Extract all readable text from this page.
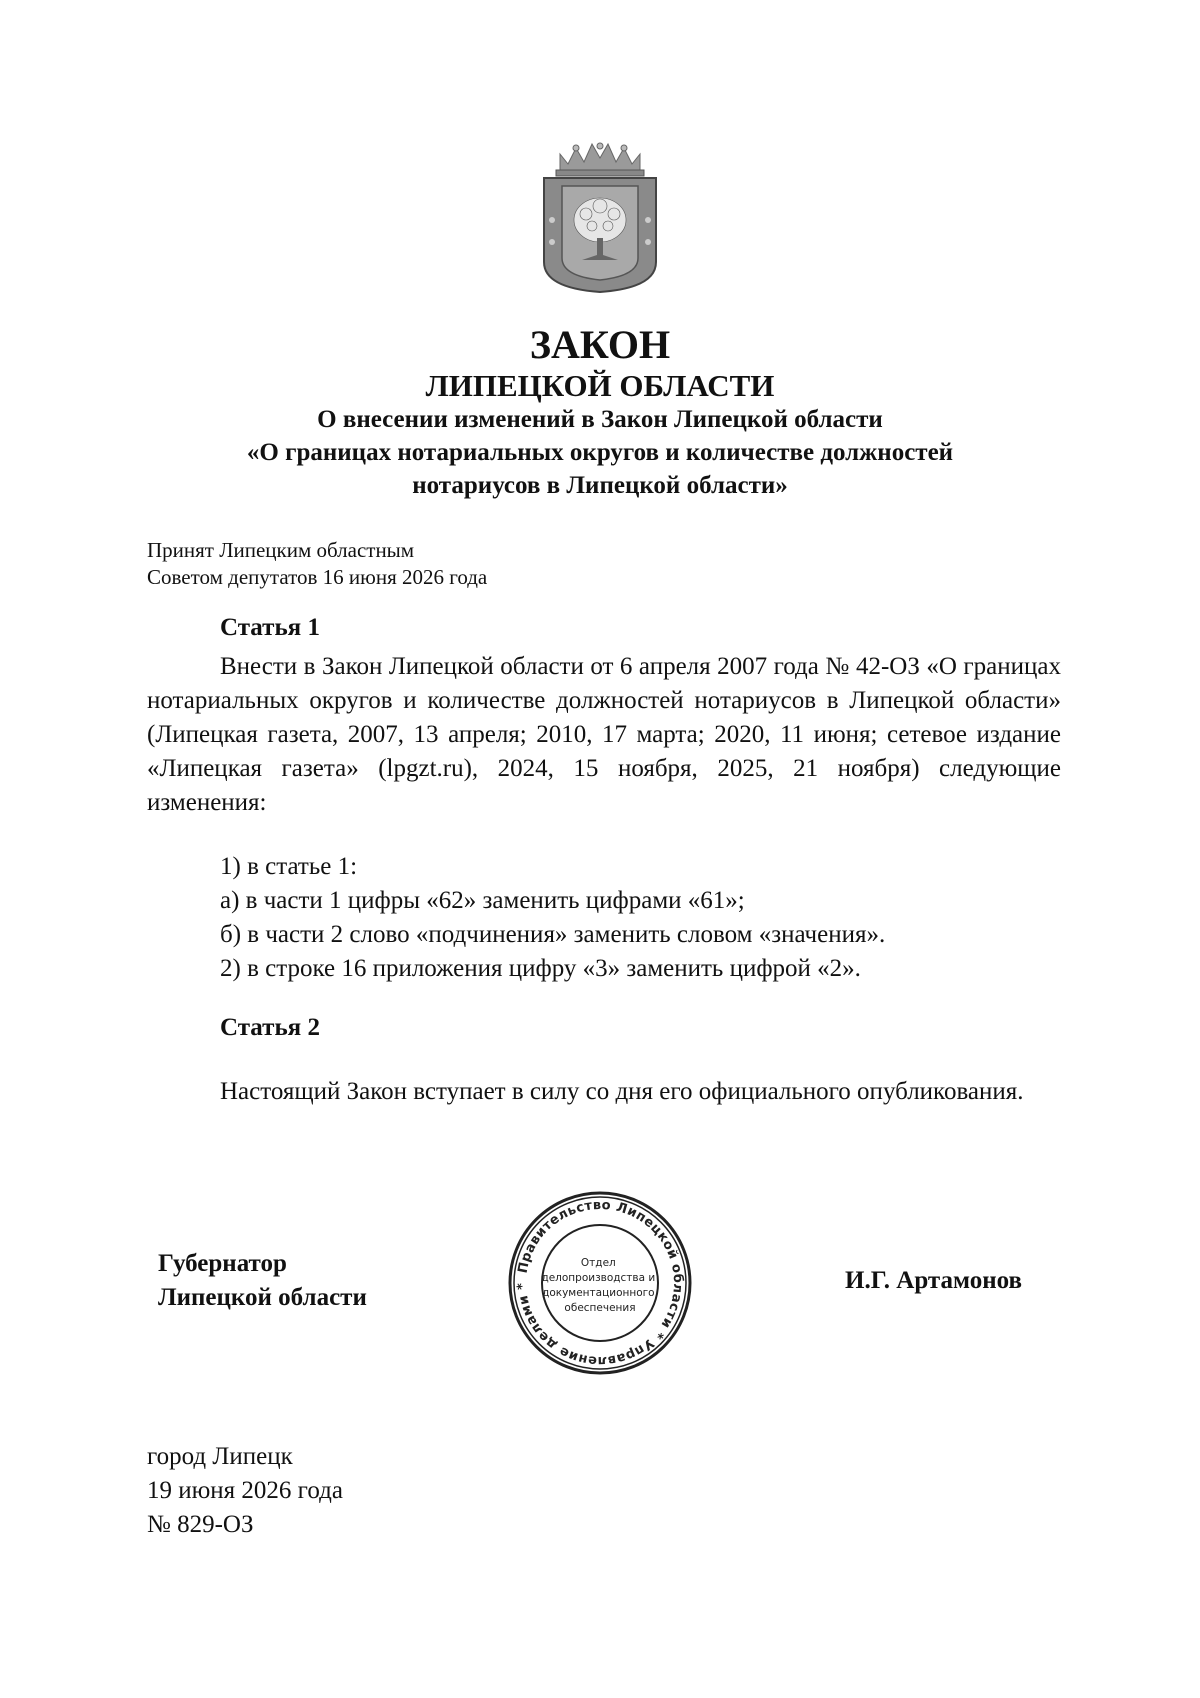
ЗАКОН
ЛИПЕЦКОЙ ОБЛАСТИ
О внесении изменений в Закон Липецкой области
«О границах нотариальных округов и количестве должностей
нотариусов в Липецкой области»
Принят Липецким областным
Советом депутатов 16 июня 2026 года
Статья 1
Внести в Закон Липецкой области от 6 апреля 2007 года № 42-ОЗ «О границах нотариальных округов и количестве должностей нотариусов в Липецкой области» (Липецкая газета, 2007, 13 апреля; 2010, 17 марта; 2020, 11 июня; сетевое издание «Липецкая газета» (lpgzt.ru), 2024, 15 ноября, 2025, 21 ноября) следующие изменения:
1) в статье 1:
а) в части 1 цифры «62» заменить цифрами «61»;
б) в части 2 слово «подчинения» заменить словом «значения».
2) в строке 16 приложения цифру «3» заменить цифрой «2».
Статья 2
Настоящий Закон вступает в силу со дня его официального опубликования.
Губернатор
Липецкой области
Правительство Липецкой области * Управление делами *
Отдел делопроизводства и документационного обеспечения
И.Г. Артамонов
город Липецк
19 июня 2026 года
№ 829-ОЗ
